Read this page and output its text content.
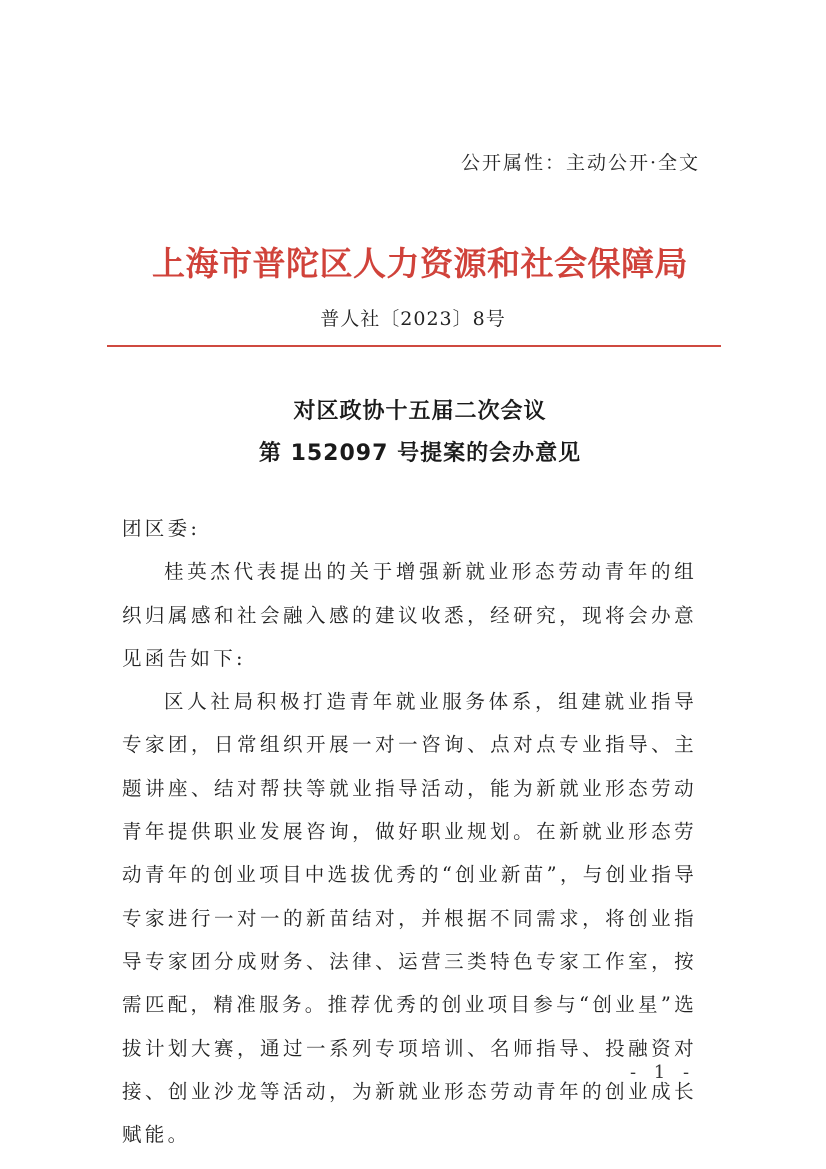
公开属性：主动公开·全文
上海市普陀区人力资源和社会保障局
普人社〔2023〕8号
对区政协十五届二次会议
第 152097 号提案的会办意见

团区委:

桂英杰代表提出的关于增强新就业形态劳动青年的组织归属感和社会融入感的建议收悉，经研究，现将会办意见函告如下:

区人社局积极打造青年就业服务体系，组建就业指导专家团，日常组织开展一对一咨询、点对点专业指导、主题讲座、结对帮扶等就业指导活动，能为新就业形态劳动青年提供职业发展咨询，做好职业规划。在新就业形态劳动青年的创业项目中选拔优秀的“创业新苗”，与创业指导专家进行一对一的新苗结对，并根据不同需求，将创业指导专家团分成财务、法律、运营三类特色专家工作室，按需匹配，精准服务。推荐优秀的创业项目参与“创业星”选拔计划大赛，通过一系列专项培训、名师指导、投融资对接、创业沙龙等活动，为新就业形态劳动青年的创业成长赋能。

- 1 -
